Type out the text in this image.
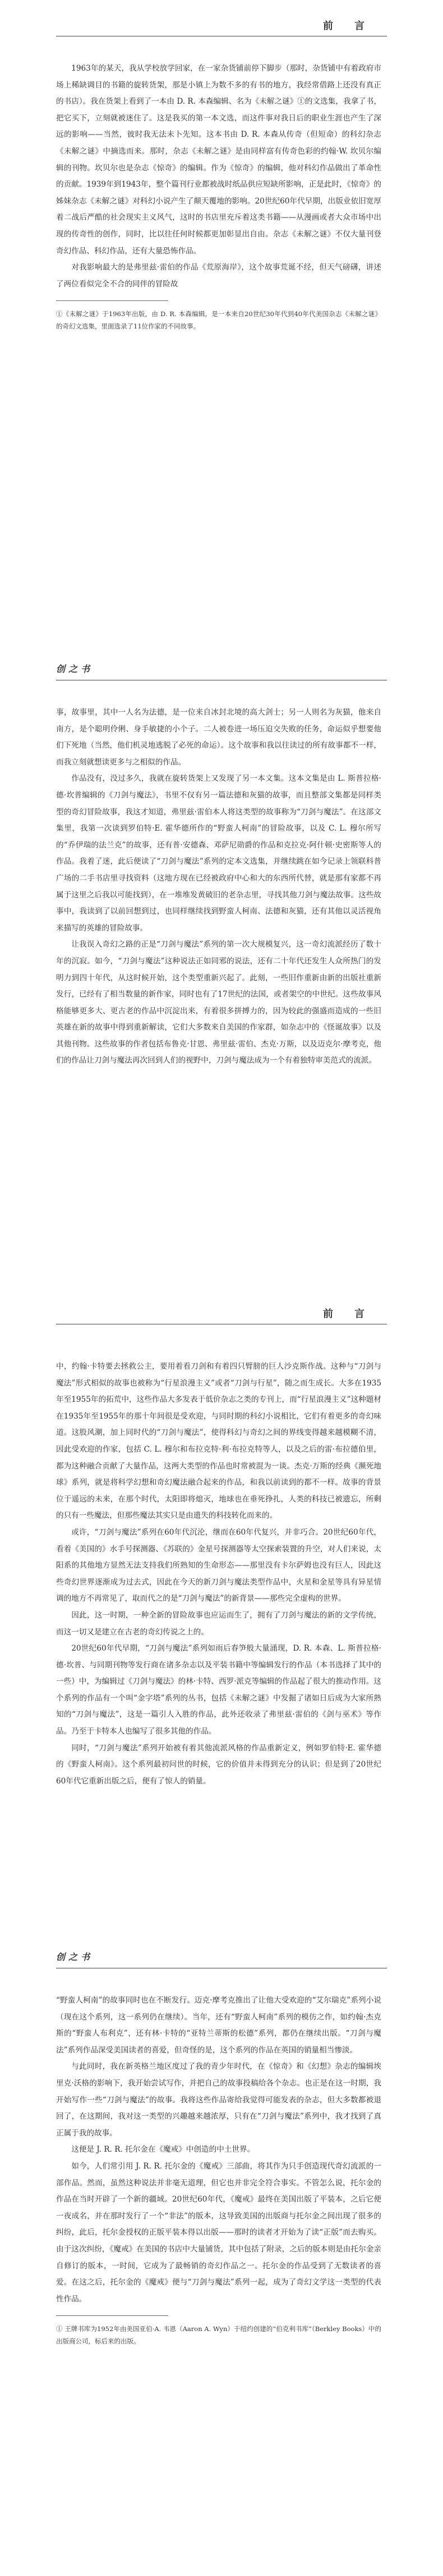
前　言

1963年的某天，我从学校放学回家，在一家杂货铺前停下脚步（那时，杂货铺中有着政府市场上稀缺调目的书籍的旋转货架，那是小镇上为数不多的有书的地方，我经常借路上还没有真正的书店）。我在货架上看到了一本由 D. R. 本森编辑、名为《未解之谜》①的文选集，我拿了书，把它买下，立刻就被迷住了。这是我买的第一本文选，而这件事对我日后的职业生涯也产生了深远的影响——当然，彼时我无法未卜先知。这本书由 D. R. 本森从传奇（但短命）的科幻杂志《未解之谜》中摘选而来。那时，杂志《未解之谜》是由同样富有传奇色彩的约翰·W. 坎贝尔编辑的刊物。坎贝尔也是杂志《惊奇》的编辑。作为《惊奇》的编辑，他对科幻作品做出了革命性的贡献。1939年到1943年，整个篇刊行业都被战时纸品供应短缺所影响，正是此时，《惊奇》的姊妹杂志《未解之谜》对科幻小说产生了颠天覆地的影响。20世纪60年代早期，出版业依旧宽厚着二战后严酷的社会现实主义风气，这时的书店里充斥着这类书籍——从漫画或者大众市场中出现的传奇性的创作，同时，比以往任何时候都更加彰显出自由。杂志《未解之谜》不仅大量刊登奇幻作品、科幻作品，还有大量恐怖作品。

对我影响最大的是弗里兹·雷伯的作品《荒原海岸》，这个故事荒诞不经，但天气磅礴，讲述了两位看似完全不合的同伴的冒险故

①《未解之谜》于1963年出版，由 D. R. 本森编辑，是一本来自20世纪30年代到40年代美国杂志《未解之谜》的奇幻文选集，里面选录了11位作家的不同故事。
创之书

事，故事里，其中一人名为法德，是一位来自冰封北境的高大剑士；另一人则名为灰猫，他来自南方，是个聪明伶俐、身手敏捷的小个子。二人被卷进一场压迫交失败的任务，命运似乎想要他们下死地（当然，他们机灵地逃脱了必死的命运）。这个故事和我以往读过的所有故事都不一样，而我立刻就想读更多与之相似的作品。

作品没有，没过多久，我就在旋转货架上又发现了另一本文集。这本文集是由 L. 斯普拉格·德·坎普编辑的《刀剑与魔法》，书里不仅有另一篇法德和灰猫的故事，而且整部文集都是同样类型的奇幻冒险故事，我这才知道，弗里兹·雷伯本人将这类型的故事称为“刀剑与魔法”。在这部文集里，我第一次读到罗伯特·E. 霍华德所作的“野蛮人柯南”的冒险故事，以及 C. L. 穆尔所写的“乔伊瑞的法兰克”的故事，还有普·安德森、邓萨尼勋爵的作品和克拉克·阿什顿·史密斯等人的作品。我着了迷，此后便读了“刀剑与魔法”系列的定本文选集，并继续跳在如今记录上领联科普广场的二手书店里寻找资料（这地方现在已经被政府中心和大的东西所代替，就是那有家都不再属于这里之后我以可能找到），在一堆堆发黄破旧的老杂志里，寻找其他刀剑与魔法故事。这些故事中，我读到了以前回想到过，也同样继续找到野蛮人柯南、法德和灰猫，还有其他以灵活视角来描写的英雄的冒险故事。

让我误入奇幻之路的正是“刀剑与魔法”系列的第一次大规模复兴，这一奇幻流派经历了数十年的沉寂。如今，“刀剑与魔法”这种说法正如同邪的说法，还有二十年代还发生人众所热门的发明力到四十年代，从这时候开始，这个类型重新兴起了。此刻，一些旧作重新由新的出版社重新发行，已经有了相当数量的新作家，同时也有了17世纪的法国，或者架空的中世纪。这些故事风格能够更多大、更古老的作品中沉淀出来，有着很多拼搏力的，因为较此的强盛而造成的一些旧英雄在新的故事中得到重新解读，它们大多数来自美国的作家群，如杂志中的《怪诞故事》以及其他刊物。这些故事的作者包括布鲁克·甘恩、弗里兹·雷伯、杰克·万斯，以及迈克尔·摩考克，他们的作品让刀剑与魔法再次回到人们的视野中，刀剑与魔法成为一个有着独特审美范式的流派。

前　言

中，约翰·卡特要去拯救公主，要用着看刀剑和有着四只臂膀的巨人沙克斯作战。这种与“刀剑与魔法”形式相似的故事也被称为“行星浪漫主义”或者“刀剑与行星”，随之而生成长。大多在1935年至1955年的拓荒中，这些作品大多发表于低价杂志之类的专刊上，而“行星浪漫主义”这种题材在1935年至1955年的那十年间很是受欢迎，与同时期的科幻小说相比，它们有着更多的奇幻味道。这股风潮，加上同时代的“刀剑与魔法”，使得科幻与奇幻之间的界线变得越来越模糊不清，因此受欢迎的作家，包括 C. L. 穆尔和布拉克特·利·布拉克特等人，以及之后的雷·布拉德伯里，都为这种融合贡献了大量作品，这两大类型的作品也时常被混为一谈。杰克·万斯的经典《濒死地球》系列，就是将科学幻想和奇幻魔法融合起来的作品，和我以前读到的都不一样。故事的背景位于遥远的未来，在那个时代，太阳即将熄灭，地球也在垂死挣扎，人类的科技已被遗忘，所剩的只有一些魔法，但那些魔法其实只是由遗失的科技转化而来的。

或许，“刀剑与魔法”系列在60年代沉沦，继而在60年代复兴，并非巧合。20世纪60年代，看着《美国的》水手号探测器、《苏联的》金星号探测器等太空探索装置的升空，对人们来说，太阳系的其他地方显然无法支持我们所熟知的生命形态——那里没有卡尔萨姆也没有巨人，因此这些奇幻世界逐渐成为过去式，因此在今天的新刀剑与魔法类型作品中，火星和金星等具有异星情调的地方不再常见了，取而代之的是“刀剑与魔法”的新背景——那些完全虚构的世界。

因此，这一时期，一种全新的冒险故事也应运而生了，拥有了刀剑与魔法的新的文学传统，而这一切又是建立在古老的奇幻传说之上的。

20世纪60年代早期，“刀剑与魔法”系列如雨后春笋般大量涌现，D. R. 本森、L. 斯普拉格·德·坎普、与同期刊物等发行商在诸多杂志以及平装书籍中等编辑发行的作品（本书选择了其中的一些）中，为编辑过《刀剑与魔法》的林·卡特、西罗·派克等编辑的作品起了很大的推动作用。这个系列的作品有一个叫“金字塔”系列的丛书，包括《未解之谜》中发掘了诸如日后成为大家所熟知的“刀剑与魔法”，这是一篇引人入胜的作品，此外还收录了弗里兹·雷伯的《剑与巫术》等作品。乃至于卡特本人也编写了很多其他的作品。

同时，“刀剑与魔法”系列开始被有着其他流派风格的作品重新定义，例如罗伯特·E. 霍华德的《野蛮人柯南》。这个系列最初问世的时候，它的价值并未得到充分的认识；但是到了20世纪60年代它重新出版之后，便有了惊人的销量。

创之书

“野蛮人柯南”的故事同时也在不断发行。迈克·摩考克推出了让他大受欢迎的“艾尔瑞克”系列小说（现在这个系列，这一系列仍在继续）。当年，还有“野蛮人柯南”系列的模仿之作，如约翰·杰克斯的“野蛮人布利克”，还有林·卡特的“亚特兰蒂斯的松德”系列，都仍在继续出版。“刀剑与魔法”系列作品深受美国读者的喜爱，但奇怪的是，这个系列的作品在英国的销量相当惨淡。

与此同时，我在新英格兰地区度过了我的青少年时代，在《惊奇》和《幻想》杂志的编辑埃里克·沃格的影响下，我开始尝试写作，并把自己的故事投稿给各个杂志。也正是在这一时期，我开始写作一些“刀剑与魔法”的故事。我将这些作品寄给我觉得可能发表的杂志，但大多数都被退回了，在这期间，我对这一类型的兴趣越来越浓厚，只有在“刀剑与魔法”系列中，我才找到了真正属于我的故事。

这便是 J. R. R. 托尔金在《魔戒》中创造的中土世界。

如今，人们常引用 J. R. R. 托尔金的《魔戒》三部曲，将其作为只手创造现代奇幻流派的一部作品。然而，虽然这种说法并非毫无道理，但它也并非完全符合事实。不管怎么说，托尔金的作品在当时开辟了一个新的疆域。20世纪60年代，《魔戒》最终在美国出版了平装本，之后它便一夜成名，并在那时发行了一个“非法”的版本，这导致美国的出版商与托尔金之间出现了很多的纠纷，此后，托尔金授权的正版平装本得以出版——那时的读者才开始为了读“正版”而去购买。由于这次纠纷，《魔戒》在美国的书店中大量铺货，其中包括了附录，之后的版本则是由托尔金亲自修订的版本，一时间，它成为了最畅销的奇幻作品之一。托尔金的作品受到了无数读者的喜爱。在这之后，托尔金的《魔戒》便与“刀剑与魔法”系列一起，成为了奇幻文学这一类型的代表性作品。

① 王牌书库为1952年由美国亚伯·A. 韦恩（Aaron A. Wyn）于纽约创建的“伯克利书库”（Berkley Books）中的出版商公司，标后来的出版。
